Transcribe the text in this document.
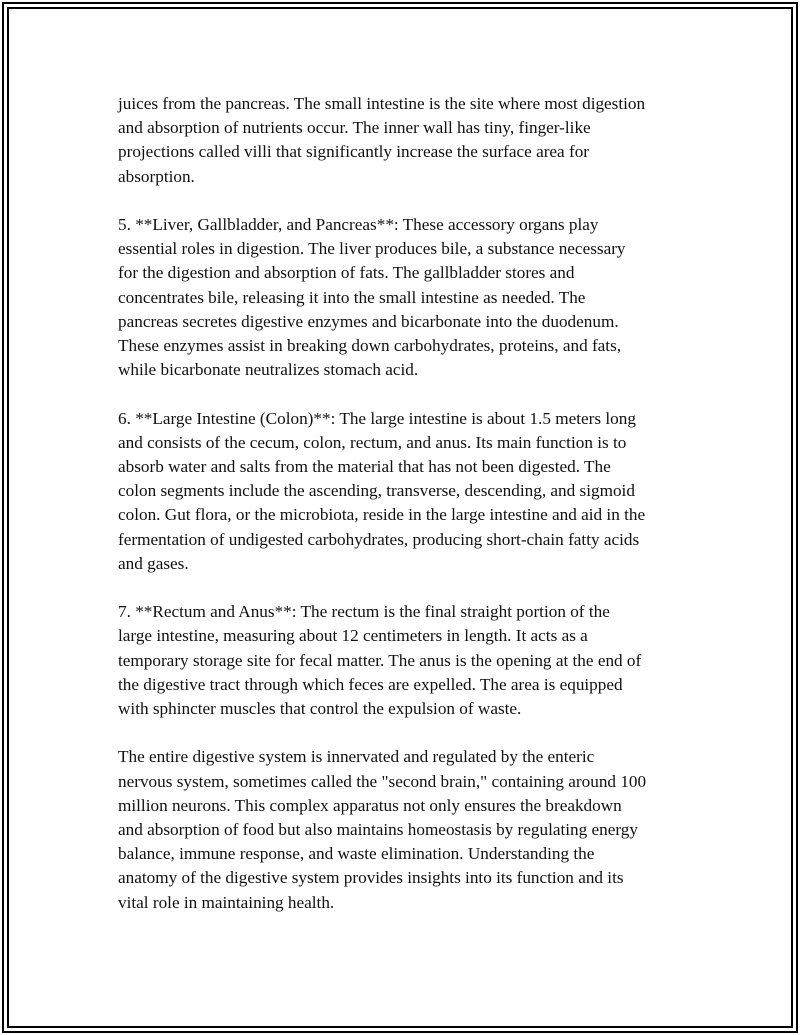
juices from the pancreas. The small intestine is the site where most digestion
and absorption of nutrients occur. The inner wall has tiny, finger-like
projections called villi that significantly increase the surface area for
absorption.

5. **Liver, Gallbladder, and Pancreas**: These accessory organs play
essential roles in digestion. The liver produces bile, a substance necessary
for the digestion and absorption of fats. The gallbladder stores and
concentrates bile, releasing it into the small intestine as needed. The
pancreas secretes digestive enzymes and bicarbonate into the duodenum.
These enzymes assist in breaking down carbohydrates, proteins, and fats,
while bicarbonate neutralizes stomach acid.

6. **Large Intestine (Colon)**: The large intestine is about 1.5 meters long
and consists of the cecum, colon, rectum, and anus. Its main function is to
absorb water and salts from the material that has not been digested. The
colon segments include the ascending, transverse, descending, and sigmoid
colon. Gut flora, or the microbiota, reside in the large intestine and aid in the
fermentation of undigested carbohydrates, producing short-chain fatty acids
and gases.

7. **Rectum and Anus**: The rectum is the final straight portion of the
large intestine, measuring about 12 centimeters in length. It acts as a
temporary storage site for fecal matter. The anus is the opening at the end of
the digestive tract through which feces are expelled. The area is equipped
with sphincter muscles that control the expulsion of waste.

The entire digestive system is innervated and regulated by the enteric
nervous system, sometimes called the "second brain," containing around 100
million neurons. This complex apparatus not only ensures the breakdown
and absorption of food but also maintains homeostasis by regulating energy
balance, immune response, and waste elimination. Understanding the
anatomy of the digestive system provides insights into its function and its
vital role in maintaining health.
